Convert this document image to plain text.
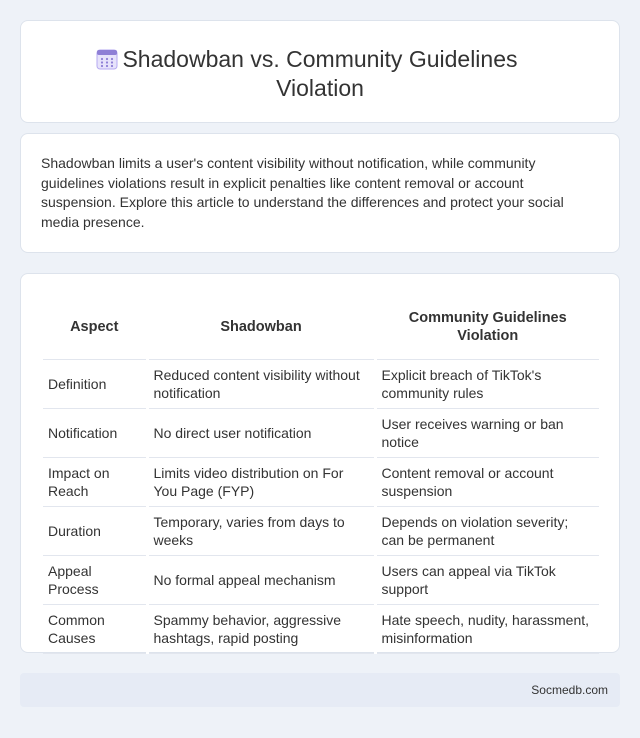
Shadowban vs. Community Guidelines
Violation

Shadowban limits a user's content visibility without notification, while community guidelines violations result in explicit penalties like content removal or account suspension. Explore this article to understand the differences and protect your social media presence.

Aspect	Shadowban	Community Guidelines Violation
Definition	Reduced content visibility without notification	Explicit breach of TikTok's community rules
Notification	No direct user notification	User receives warning or ban notice
Impact on Reach	Limits video distribution on For You Page (FYP)	Content removal or account suspension
Duration	Temporary, varies from days to weeks	Depends on violation severity; can be permanent
Appeal Process	No formal appeal mechanism	Users can appeal via TikTok support
Common Causes	Spammy behavior, aggressive hashtags, rapid posting	Hate speech, nudity, harassment, misinformation
Socmedb.com
